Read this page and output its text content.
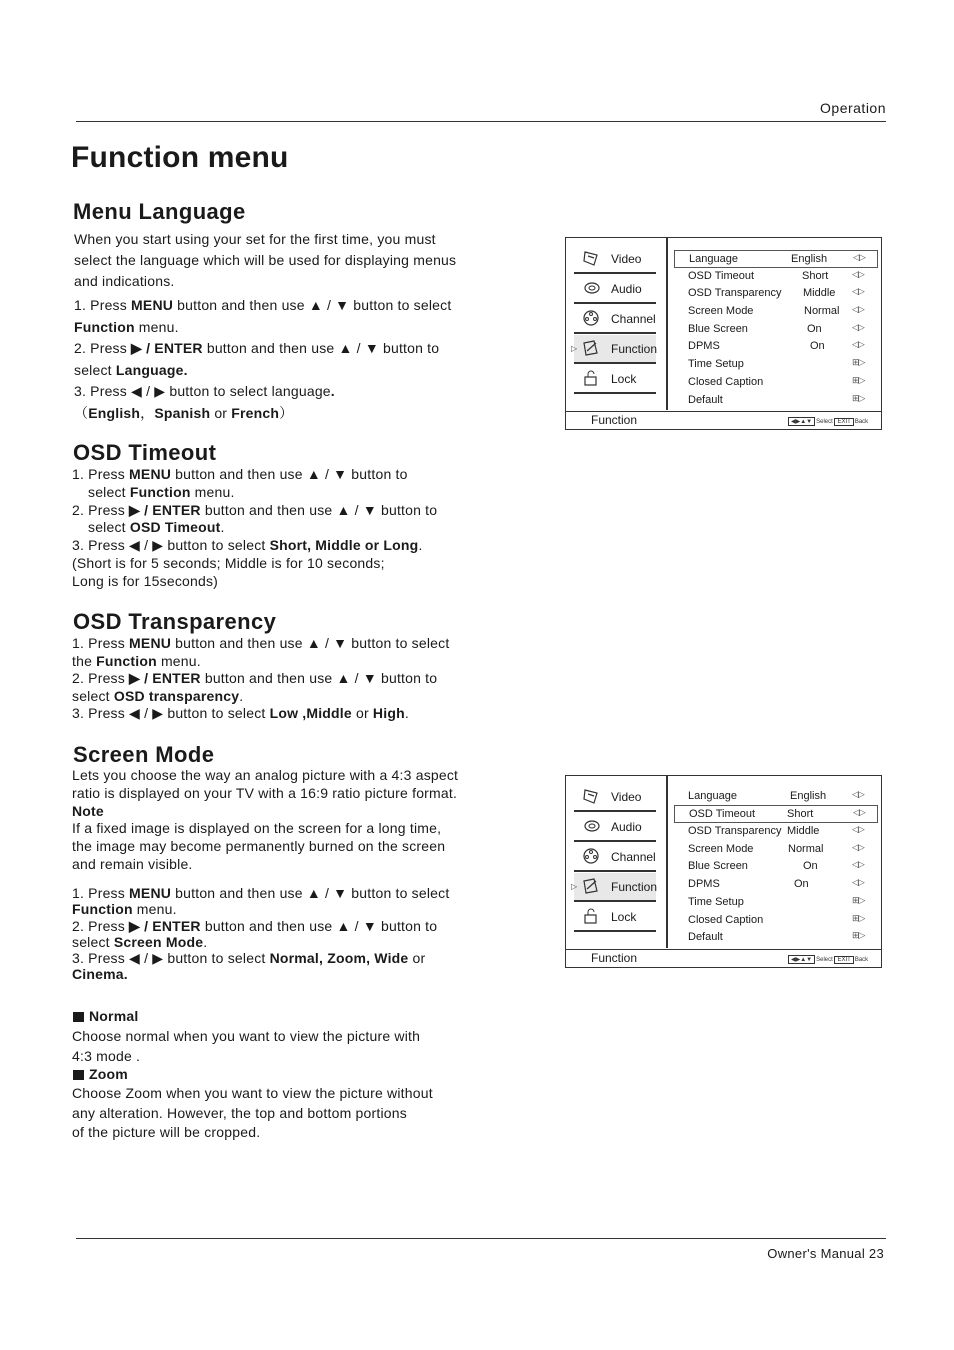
Operation
Function menu
Menu Language
When you start using your set for the first time, you must
select the language which will be used for displaying menus
and indications.
1. Press MENU button and then use ▲ / ▼ button to select
Function menu.
2. Press ▶ / ENTER button and then use ▲ / ▼ button to
select Language.
3. Press ◀ / ▶ button to select language.
（English，Spanish or French）
OSD Timeout
1. Press MENU button and then use ▲ / ▼ button to
select Function menu.
2. Press ▶ / ENTER button and then use ▲ / ▼ button to
select OSD Timeout.
3. Press ◀ / ▶ button to select Short, Middle or Long.
(Short is for 5 seconds; Middle is for 10 seconds;
Long is for 15seconds)
OSD Transparency
1. Press MENU button and then use ▲ / ▼ button to select
the Function menu.
2. Press ▶ / ENTER button and then use ▲ / ▼ button to
select OSD transparency.
3. Press ◀ / ▶ button to select Low ,Middle or High.
Screen Mode
Lets you choose the way an analog picture with a 4:3 aspect
ratio is displayed on your TV with a 16:9 ratio picture format.
Note
If a fixed image is displayed on the screen for a long time,
the image may become permanently burned on the screen
and remain visible.
1. Press MENU button and then use ▲ / ▼ button to select
Function menu.
2. Press ▶ / ENTER button and then use ▲ / ▼ button to
select Screen Mode.
3. Press ◀ / ▶ button to select Normal, Zoom, Wide or
Cinema.
Normal
Choose normal when you want to view the picture with
4:3 mode .
Zoom
Choose Zoom when you want to view the picture without
any alteration. However, the top and bottom portions
of the picture will be cropped.
Video
Audio
Channel
▷	Function
Lock
Language	English	◁▷
OSD Timeout	Short	◁▷
OSD Transparency Middle	◁▷
Screen Mode	Normal	◁▷
Blue Screen	On	◁▷
DPMS	On	◁▷
Time Setup	⊞▷
Closed Caption	⊞▷
Default	⊞▷
Function	◀▶▲▼ Select EXIT Back
Video
Audio
Channel
▷	Function
Lock
Language	English	◁▷
OSD Timeout	Short	◁▷
OSD Transparency Middle	◁▷
Screen Mode	Normal	◁▷
Blue Screen	On	◁▷
DPMS	On	◁▷
Time Setup	⊞▷
Closed Caption	⊞▷
Default	⊞▷
Function	◀▶▲▼ Select EXIT Back
Owner's Manual 23
